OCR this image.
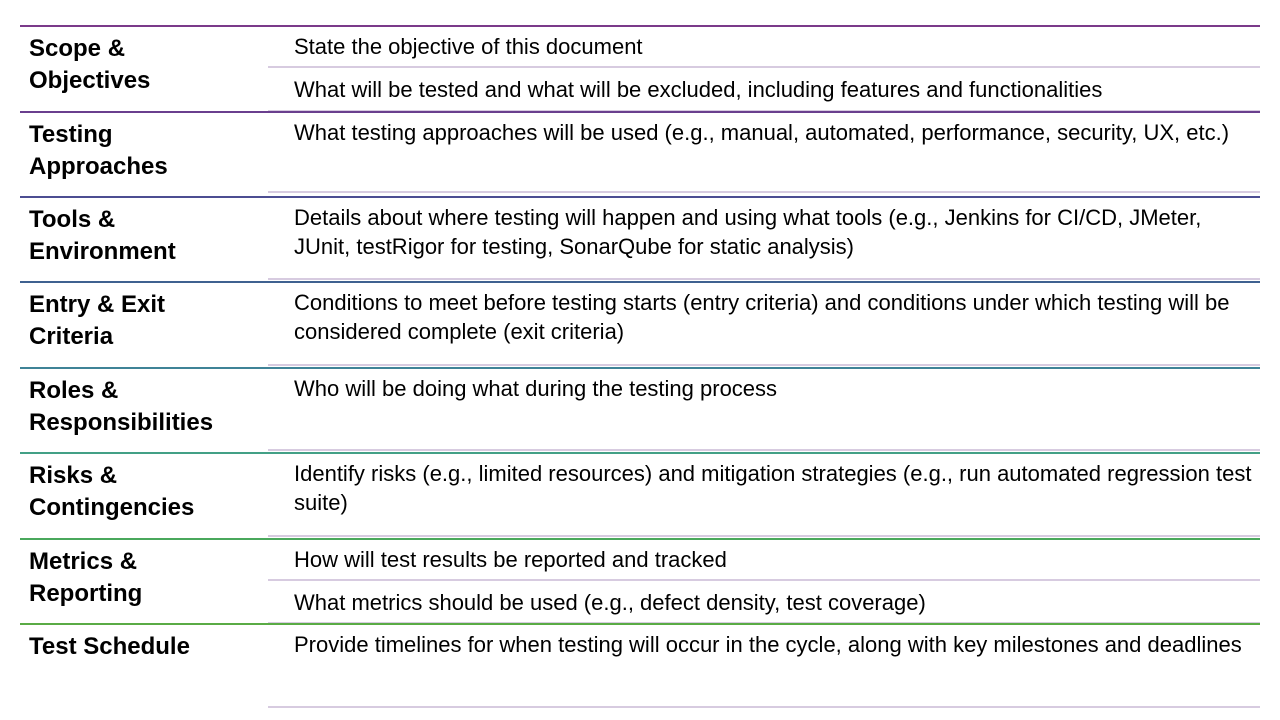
Scope &
Objectives
State the objective of this document
What will be tested and what will be excluded, including features and functionalities
Testing
Approaches
What testing approaches will be used (e.g., manual, automated, performance, security, UX, etc.)
Tools &
Environment
Details about where testing will happen and using what tools (e.g., Jenkins for CI/CD, JMeter, JUnit, testRigor for testing, SonarQube for static analysis)
Entry & Exit
Criteria
Conditions to meet before testing starts (entry criteria) and conditions under which testing will be considered complete (exit criteria)
Roles &
Responsibilities
Who will be doing what during the testing process
Risks &
Contingencies
Identify risks (e.g., limited resources) and mitigation strategies (e.g., run automated regression test suite)
Metrics &
Reporting
How will test results be reported and tracked
What metrics should be used (e.g., defect density, test coverage)
Test Schedule	Provide timelines for when testing will occur in the cycle, along with key milestones and deadlines
